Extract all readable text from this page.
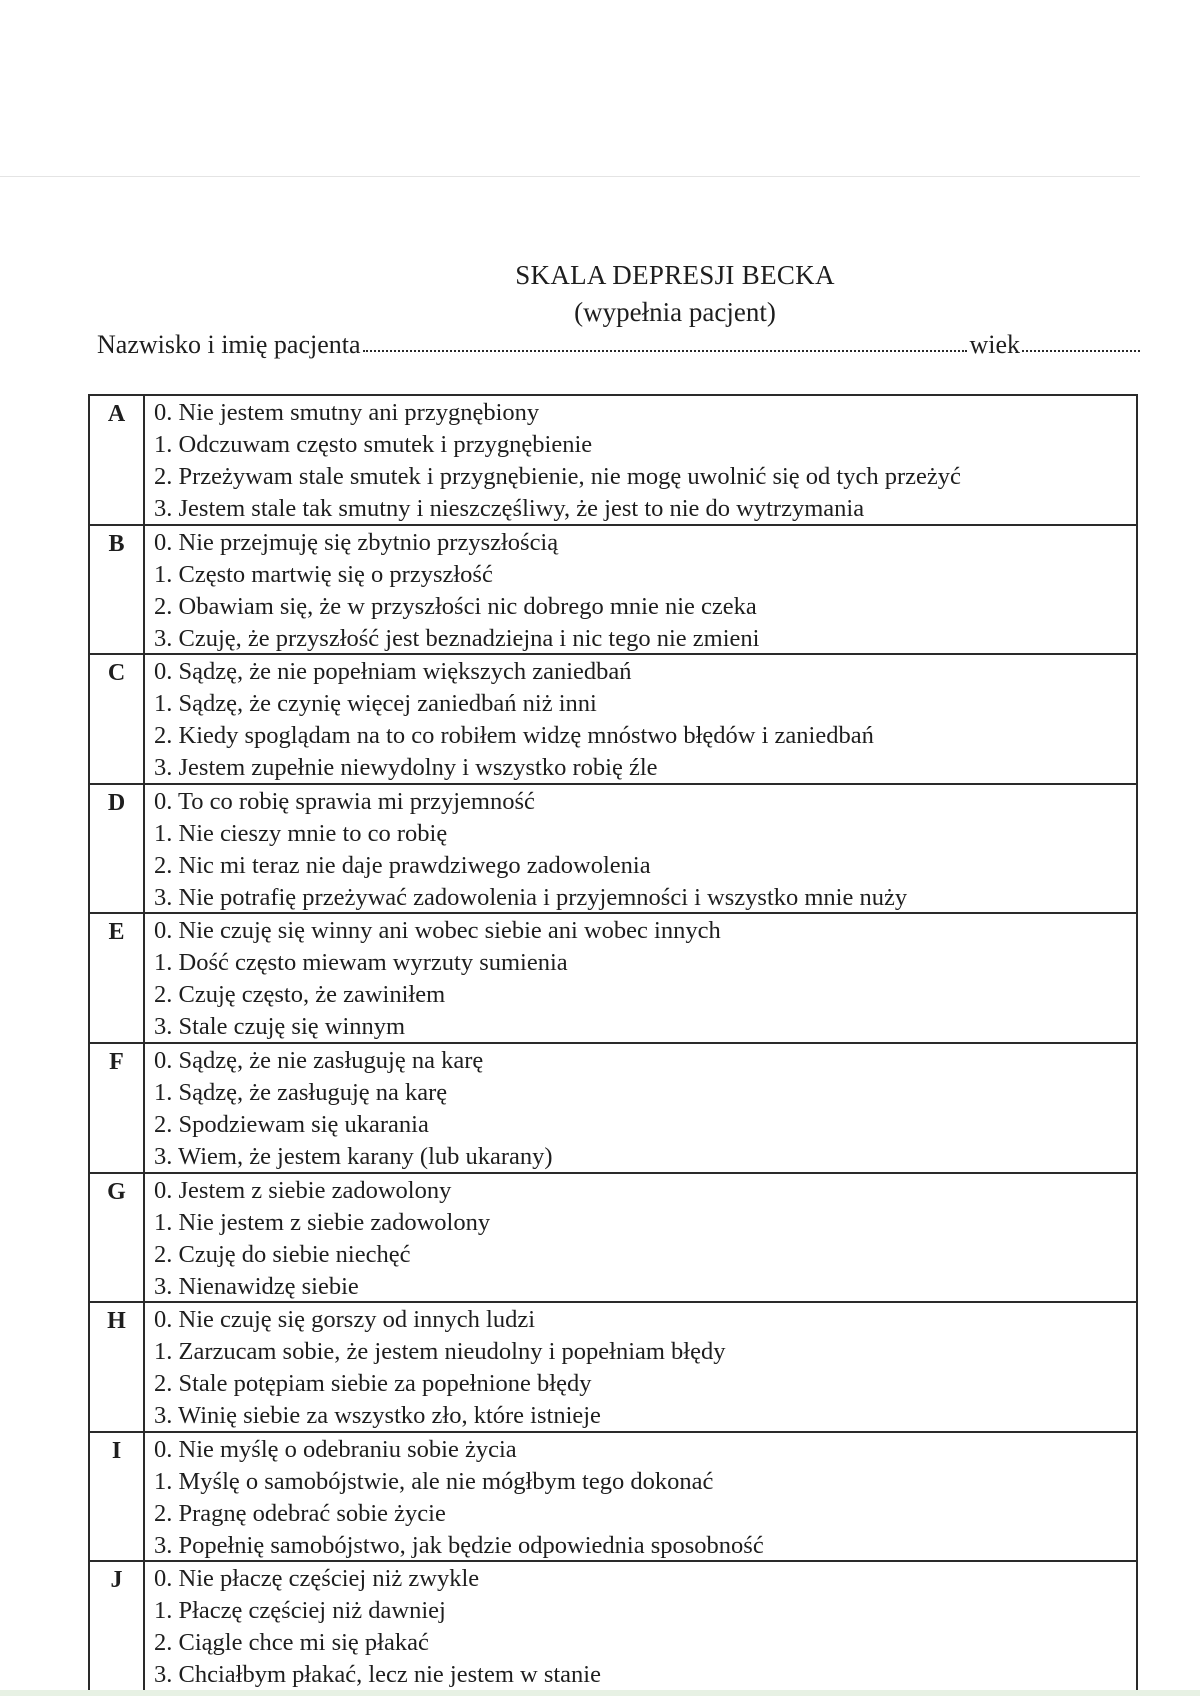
SKALA DEPRESJI BECKA
(wypełnia pacjent)
Nazwisko i imię pacjenta	wiek
A	0. Nie jestem smutny ani przygnębiony
1. Odczuwam często smutek i przygnębienie
2. Przeżywam stale smutek i przygnębienie, nie mogę uwolnić się od tych przeżyć
3. Jestem stale tak smutny i nieszczęśliwy, że jest to nie do wytrzymania
B	0. Nie przejmuję się zbytnio przyszłością
1. Często martwię się o przyszłość
2. Obawiam się, że w przyszłości nic dobrego mnie nie czeka
3. Czuję, że przyszłość jest beznadziejna i nic tego nie zmieni
C	0. Sądzę, że nie popełniam większych zaniedbań
1. Sądzę, że czynię więcej zaniedbań niż inni
2. Kiedy spoglądam na to co robiłem widzę mnóstwo błędów i zaniedbań
3. Jestem zupełnie niewydolny i wszystko robię źle
D	0. To co robię sprawia mi przyjemność
1. Nie cieszy mnie to co robię
2. Nic mi teraz nie daje prawdziwego zadowolenia
3. Nie potrafię przeżywać zadowolenia i przyjemności i wszystko mnie nuży
E	0. Nie czuję się winny ani wobec siebie ani wobec innych
1. Dość często miewam wyrzuty sumienia
2. Czuję często, że zawiniłem
3. Stale czuję się winnym
F	0. Sądzę, że nie zasługuję na karę
1. Sądzę, że zasługuję na karę
2. Spodziewam się ukarania
3. Wiem, że jestem karany (lub ukarany)
G	0. Jestem z siebie zadowolony
1. Nie jestem z siebie zadowolony
2. Czuję do siebie niechęć
3. Nienawidzę siebie
H	0. Nie czuję się gorszy od innych ludzi
1. Zarzucam sobie, że jestem nieudolny i popełniam błędy
2. Stale potępiam siebie za popełnione błędy
3. Winię siebie za wszystko zło, które istnieje
I	0. Nie myślę o odebraniu sobie życia
1. Myślę o samobójstwie, ale nie mógłbym tego dokonać
2. Pragnę odebrać sobie życie
3. Popełnię samobójstwo, jak będzie odpowiednia sposobność
J	0. Nie płaczę częściej niż zwykle
1. Płaczę częściej niż dawniej
2. Ciągle chce mi się płakać
3. Chciałbym płakać, lecz nie jestem w stanie
